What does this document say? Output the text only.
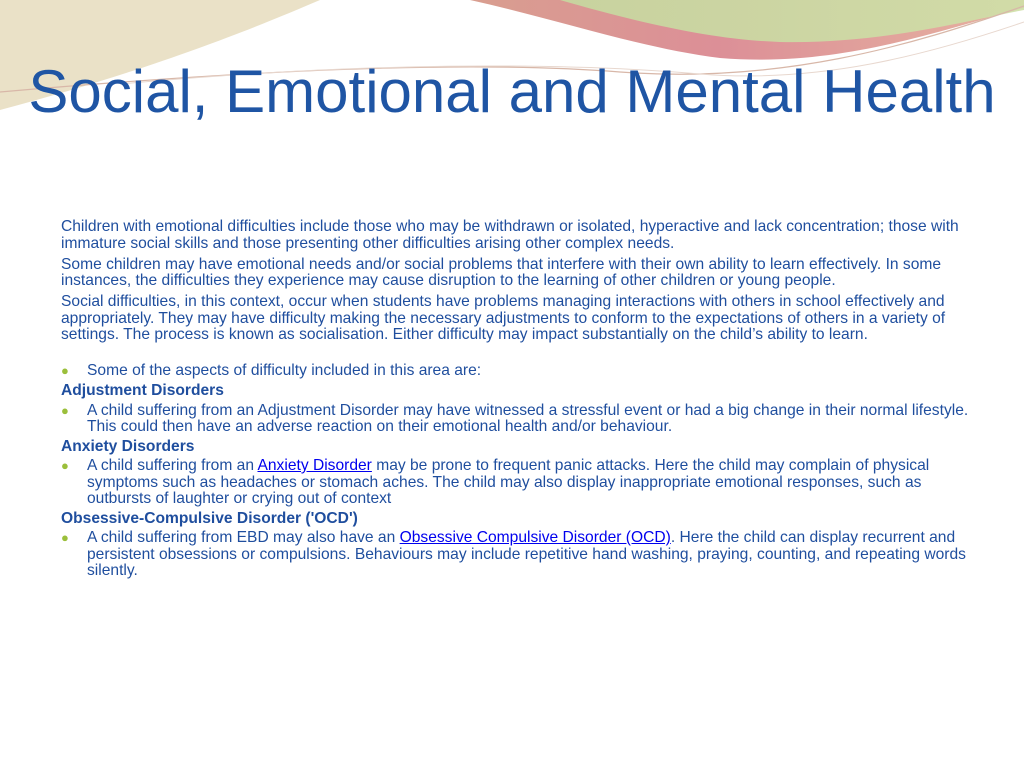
Social, Emotional and Mental Health

Children with emotional difficulties include those who may be withdrawn or isolated, hyperactive and lack concentration; those with immature social skills and those presenting other difficulties arising other complex needs.

Some children may have emotional needs and/or social problems that interfere with their own ability to learn effectively. In some instances, the difficulties they experience may cause disruption to the learning of other children or young people.

Social difficulties, in this context, occur when students have problems managing interactions with others in school effectively and appropriately. They may have difficulty making the necessary adjustments to conform to the expectations of others in a variety of settings. The process is known as socialisation. Either difficulty may impact substantially on the child’s ability to learn.

● Some of the aspects of difficulty included in this area are:
Adjustment Disorders
● A child suffering from an Adjustment Disorder may have witnessed a stressful event or had a big change in their normal lifestyle. This could then have an adverse reaction on their emotional health and/or behaviour.
Anxiety Disorders
● A child suffering from an Anxiety Disorder may be prone to frequent panic attacks. Here the child may complain of physical symptoms such as headaches or stomach aches. The child may also display inappropriate emotional responses, such as outbursts of laughter or crying out of context
Obsessive-Compulsive Disorder ('OCD')
● A child suffering from EBD may also have an Obsessive Compulsive Disorder (OCD). Here the child can display recurrent and persistent obsessions or compulsions. Behaviours may include repetitive hand washing, praying, counting, and repeating words silently.
